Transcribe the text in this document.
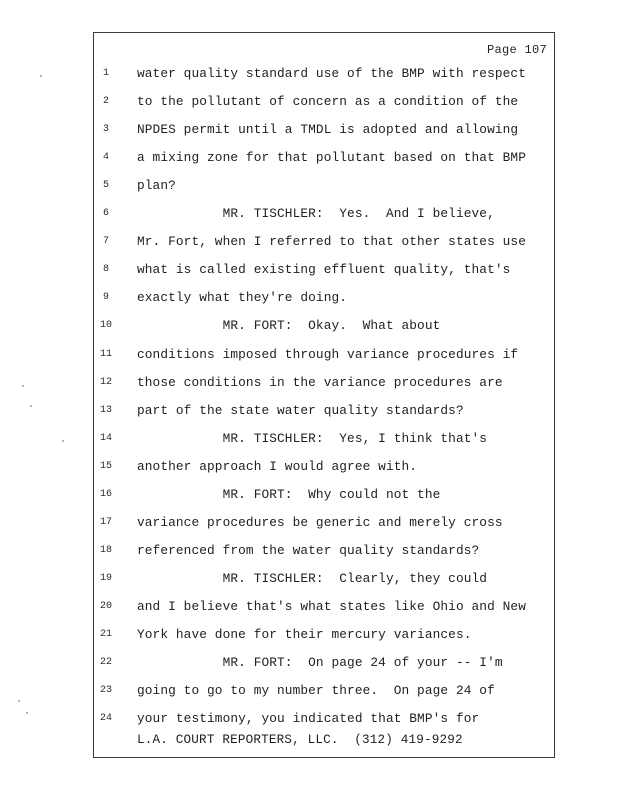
Page 107
1	water quality standard use of the BMP with respect
2	to the pollutant of concern as a condition of the
3	NPDES permit until a TMDL is adopted and allowing
4	a mixing zone for that pollutant based on that BMP
5	plan?
6	MR. TISCHLER:  Yes.  And I believe,
7	Mr. Fort, when I referred to that other states use
8	what is called existing effluent quality, that's
9	exactly what they're doing.
10	MR. FORT:  Okay.  What about
11	conditions imposed through variance procedures if
12	those conditions in the variance procedures are
13	part of the state water quality standards?
14	MR. TISCHLER:  Yes, I think that's
15	another approach I would agree with.
16	MR. FORT:  Why could not the
17	variance procedures be generic and merely cross
18	referenced from the water quality standards?
19	MR. TISCHLER:  Clearly, they could
20	and I believe that's what states like Ohio and New
21	York have done for their mercury variances.
22	MR. FORT:  On page 24 of your -- I'm
23	going to go to my number three.  On page 24 of
24	your testimony, you indicated that BMP's for
L.A. COURT REPORTERS, LLC.  (312) 419-9292
